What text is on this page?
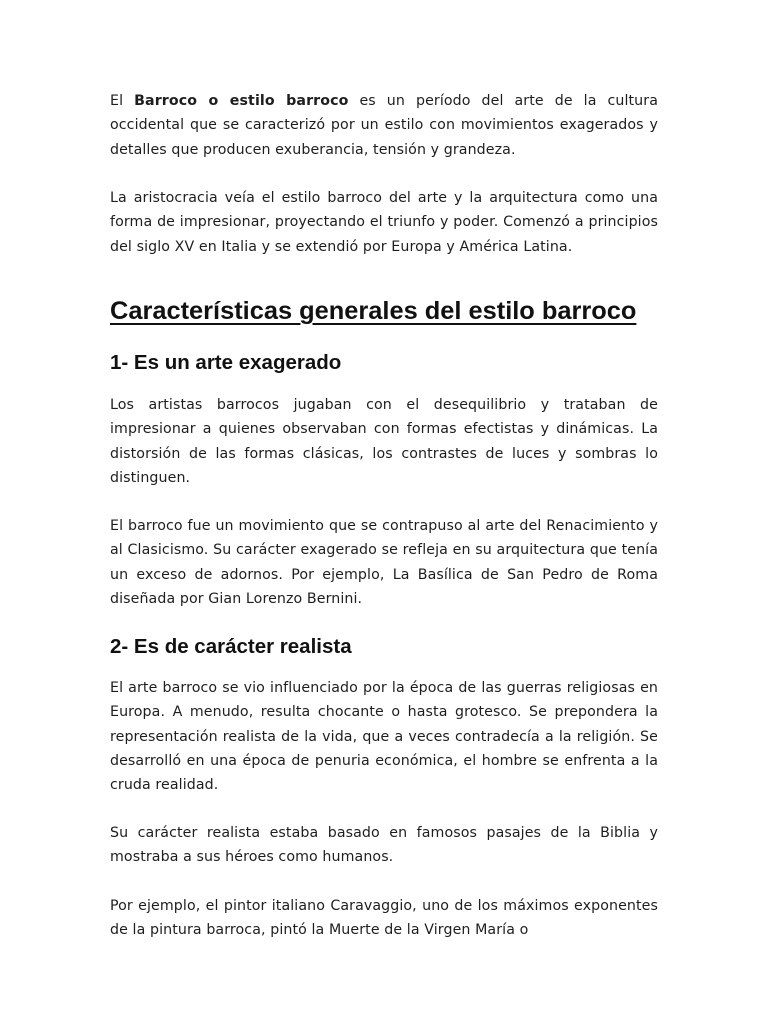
El Barroco o estilo barroco es un período del arte de la cultura occidental que se caracterizó por un estilo con movimientos exagerados y detalles que producen exuberancia, tensión y grandeza.

La aristocracia veía el estilo barroco del arte y la arquitectura como una forma de impresionar, proyectando el triunfo y poder. Comenzó a principios del siglo XV en Italia y se extendió por Europa y América Latina.

Características generales del estilo barroco
1- Es un arte exagerado

Los artistas barrocos jugaban con el desequilibrio y trataban de impresionar a quienes observaban con formas efectistas y dinámicas. La distorsión de las formas clásicas, los contrastes de luces y sombras lo distinguen.

El barroco fue un movimiento que se contrapuso al arte del Renacimiento y al Clasicismo. Su carácter exagerado se refleja en su arquitectura que tenía un exceso de adornos. Por ejemplo, La Basílica de San Pedro de Roma diseñada por Gian Lorenzo Bernini.

2- Es de carácter realista

El arte barroco se vio influenciado por la época de las guerras religiosas en Europa. A menudo, resulta chocante o hasta grotesco. Se prepondera la representación realista de la vida, que a veces contradecía a la religión. Se desarrolló en una época de penuria económica, el hombre se enfrenta a la cruda realidad.

Su carácter realista estaba basado en famosos pasajes de la Biblia y mostraba a sus héroes como humanos.

Por ejemplo, el pintor italiano Caravaggio, uno de los máximos exponentes de la pintura barroca, pintó la Muerte de la Virgen María o
